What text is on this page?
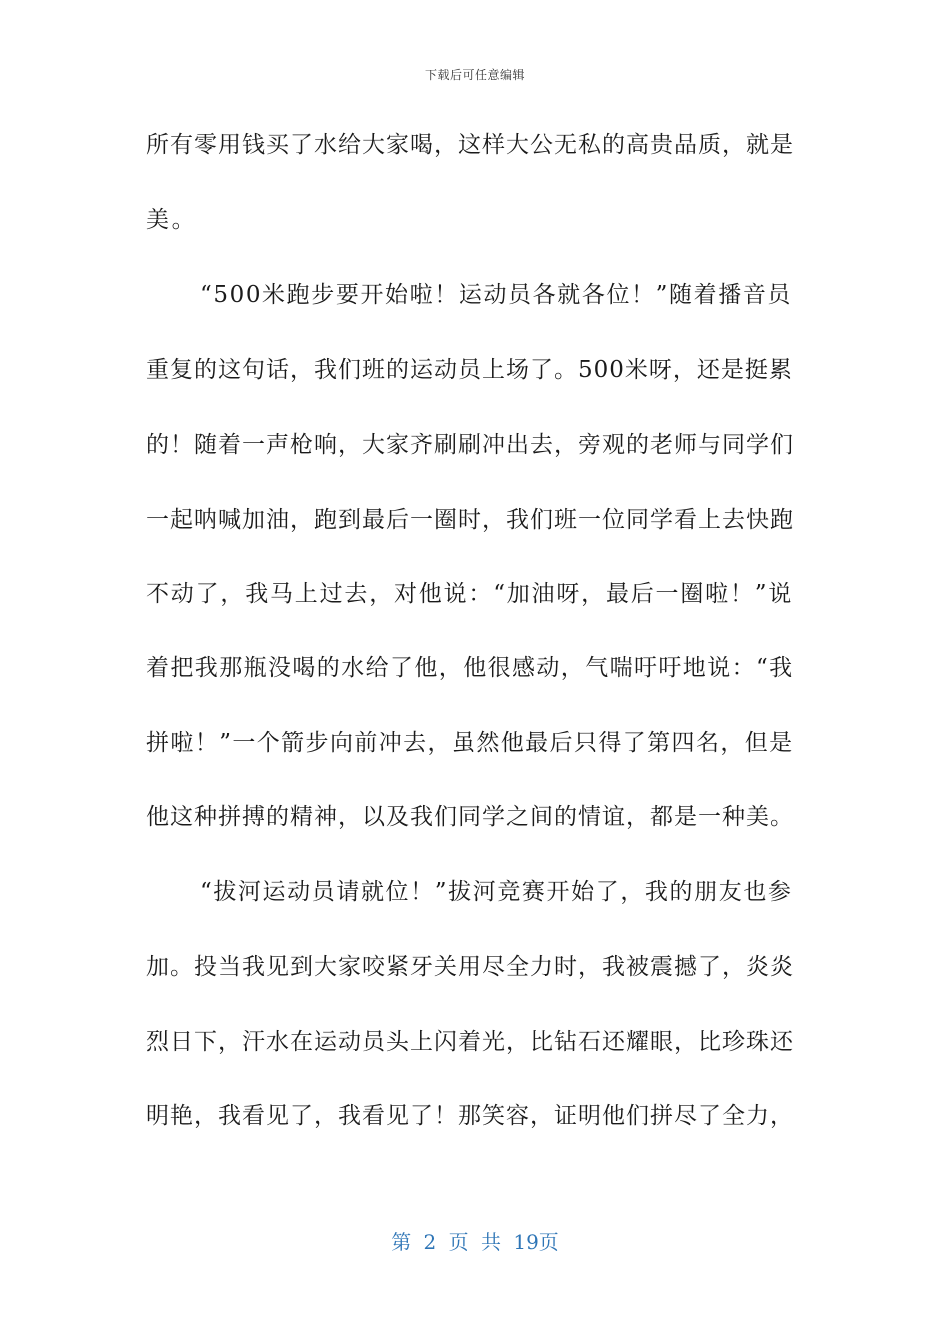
下载后可任意编辑
所有零用钱买了水给大家喝，这样大公无私的高贵品质，就是
美。
“500米跑步要开始啦！运动员各就各位！”随着播音员
重复的这句话，我们班的运动员上场了。500米呀，还是挺累
的！随着一声枪响，大家齐刷刷冲出去，旁观的老师与同学们
一起呐喊加油，跑到最后一圈时，我们班一位同学看上去快跑
不动了，我马上过去，对他说：“加油呀，最后一圈啦！”说
着把我那瓶没喝的水给了他，他很感动，气喘吁吁地说：“我
拼啦！”一个箭步向前冲去，虽然他最后只得了第四名，但是
他这种拼搏的精神，以及我们同学之间的情谊，都是一种美。
“拔河运动员请就位！”拔河竞赛开始了，我的朋友也参
加。投当我见到大家咬紧牙关用尽全力时，我被震撼了，炎炎
烈日下，汗水在运动员头上闪着光，比钻石还耀眼，比珍珠还
明艳，我看见了，我看见了！那笑容，证明他们拼尽了全力，
第 2 页 共 19页
